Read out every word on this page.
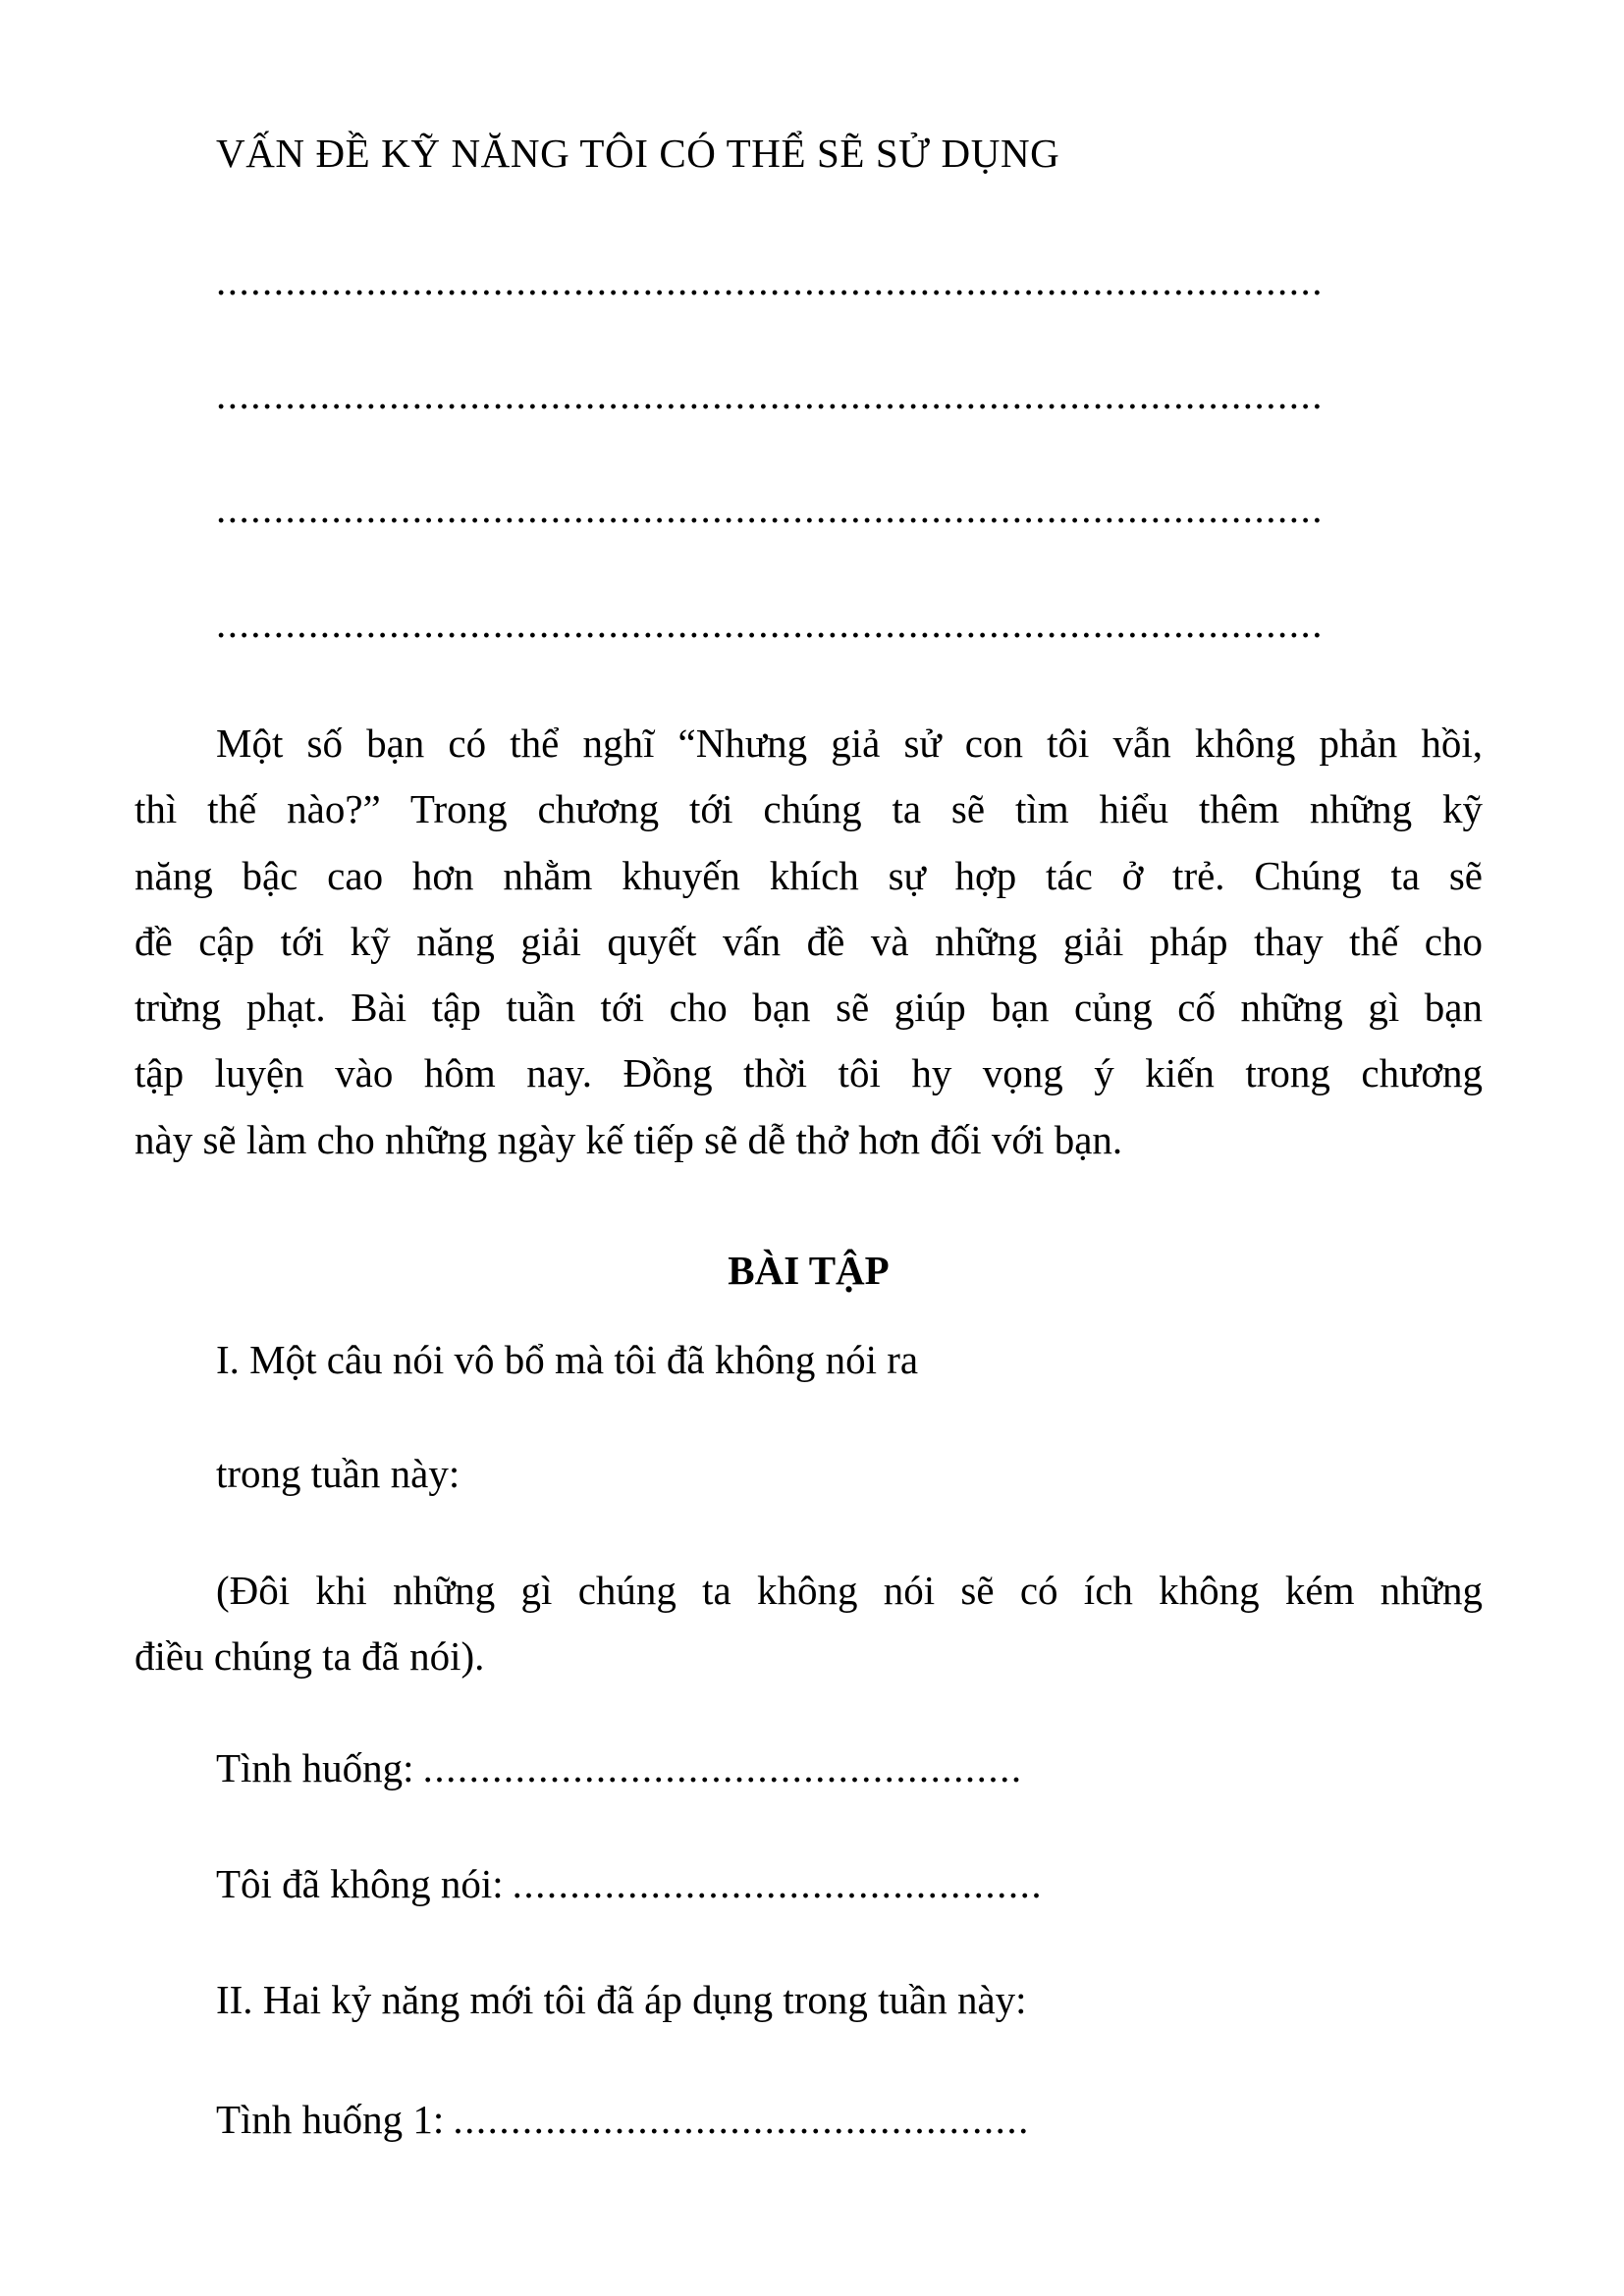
VẤN ĐỀ KỸ NĂNG TÔI CÓ THỂ SẼ SỬ DỤNG
................................................................................................
................................................................................................
................................................................................................
................................................................................................
Một số bạn có thể nghĩ “Nhưng giả sử con tôi vẫn không phản hồi,
thì thế nào?” Trong chương tới chúng ta sẽ tìm hiểu thêm những kỹ
năng bậc cao hơn nhằm khuyến khích sự hợp tác ở trẻ. Chúng ta sẽ
đề cập tới kỹ năng giải quyết vấn đề và những giải pháp thay thế cho
trừng phạt. Bài tập tuần tới cho bạn sẽ giúp bạn củng cố những gì bạn
tập luyện vào hôm nay. Đồng thời tôi hy vọng ý kiến trong chương
này sẽ làm cho những ngày kế tiếp sẽ dễ thở hơn đối với bạn.
BÀI TẬP
I. Một câu nói vô bổ mà tôi đã không nói ra
trong tuần này:
(Đôi khi những gì chúng ta không nói sẽ có ích không kém những
điều chúng ta đã nói).
Tình huống: ....................................................
Tôi đã không nói: ..............................................
II. Hai kỷ năng mới tôi đã áp dụng trong tuần này:
Tình huống 1: ..................................................
